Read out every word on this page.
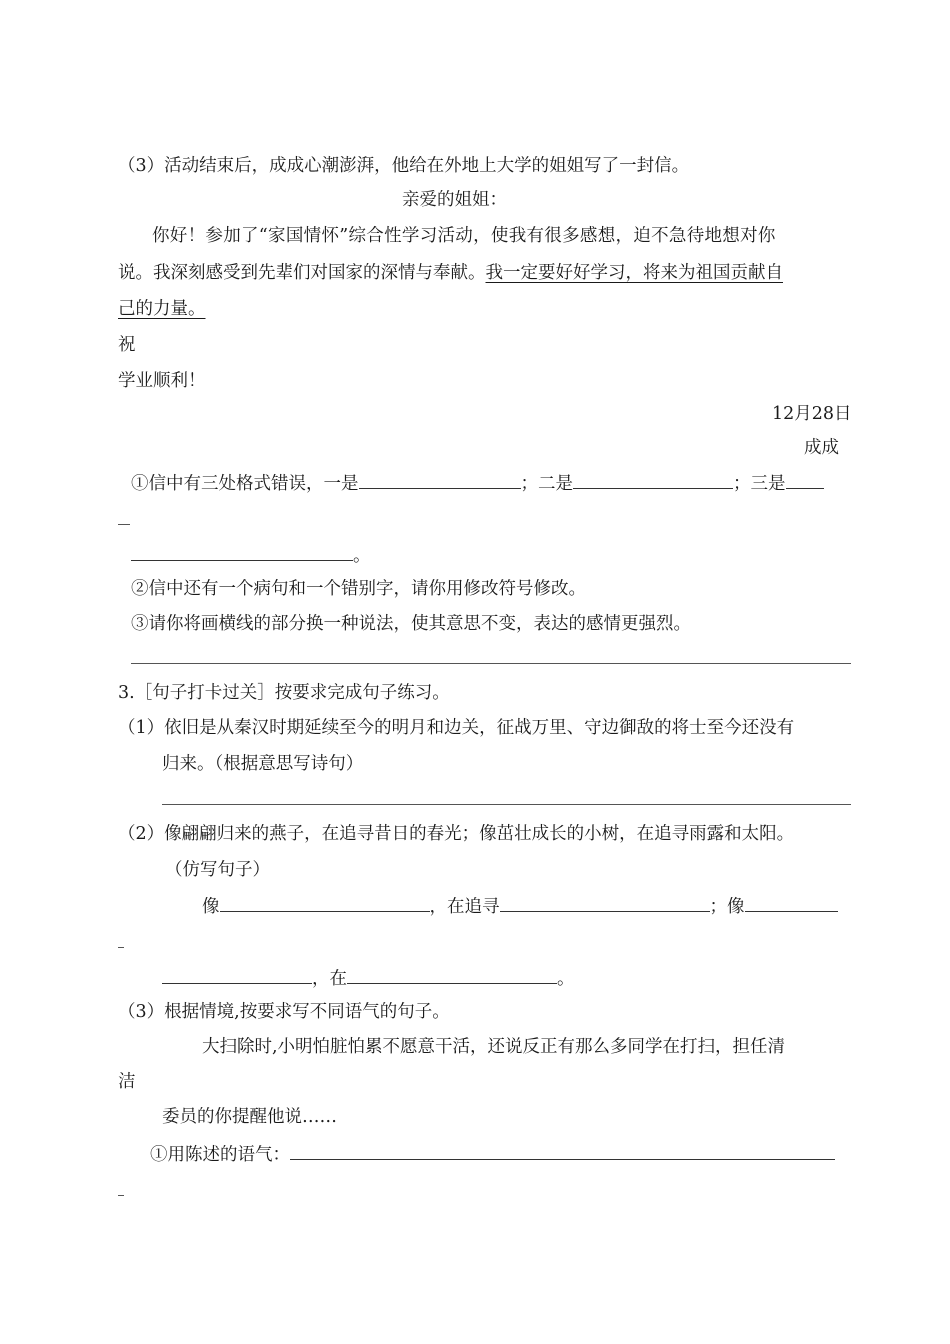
（3）活动结束后，成成心潮澎湃，他给在外地上大学的姐姐写了一封信。
亲爱的姐姐：
你好！参加了“家国情怀”综合性学习活动，使我有很多感想，迫不急待地想对你
说。我深刻感受到先辈们对国家的深情与奉献。我一定要好好学习，将来为祖国贡献自
己的力量。
祝
学业顺利！
12月28日
成成
①信中有三处格式错误，一是	；二是	；三是
。
②信中还有一个病句和一个错别字，请你用修改符号修改。
③请你将画横线的部分换一种说法，使其意思不变，表达的感情更强烈。
3.［句子打卡过关］按要求完成句子练习。
（1）依旧是从秦汉时期延续至今的明月和边关，征战万里、守边御敌的将士至今还没有
归来。（根据意思写诗句）
（2）像翩翩归来的燕子，在追寻昔日的春光；像茁壮成长的小树，在追寻雨露和太阳。
（仿写句子）
像	，在追寻	；像
，在	。
（3）根据情境,按要求写不同语气的句子。
大扫除时,小明怕脏怕累不愿意干活，还说反正有那么多同学在打扫，担任清
洁
委员的你提醒他说……
①用陈述的语气：
